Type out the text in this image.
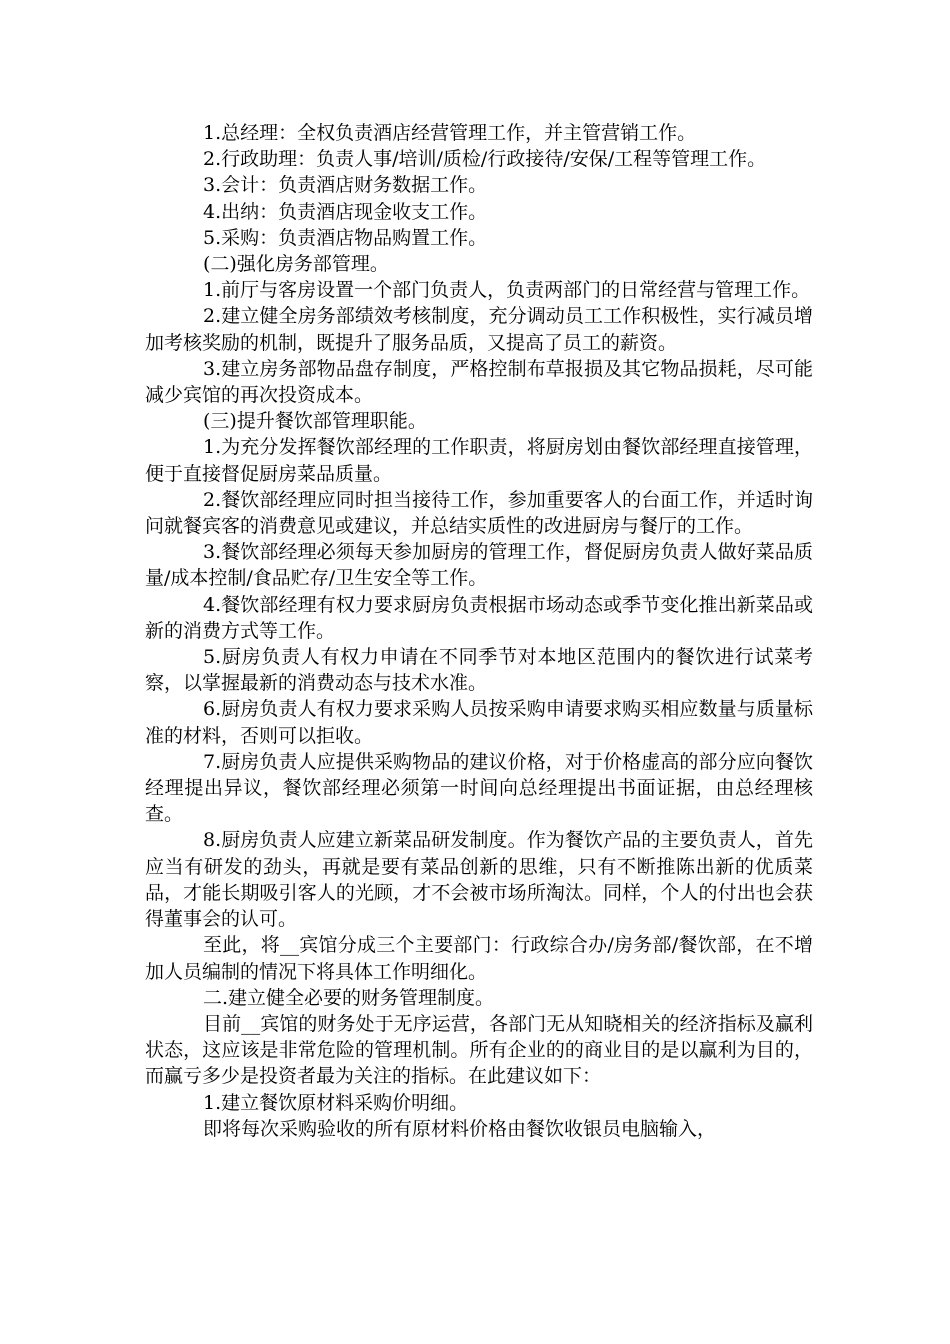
1.总经理：全权负责酒店经营管理工作，并主管营销工作。

2.行政助理：负责人事/培训/质检/行政接待/安保/工程等管理工作。

3.会计：负责酒店财务数据工作。

4.出纳：负责酒店现金收支工作。

5.采购：负责酒店物品购置工作。

(二)强化房务部管理。

1.前厅与客房设置一个部门负责人，负责两部门的日常经营与管理工作。

2.建立健全房务部绩效考核制度，充分调动员工工作积极性，实行减员增加考核奖励的机制，既提升了服务品质，又提高了员工的薪资。

3.建立房务部物品盘存制度，严格控制布草报损及其它物品损耗，尽可能减少宾馆的再次投资成本。

(三)提升餐饮部管理职能。

1.为充分发挥餐饮部经理的工作职责，将厨房划由餐饮部经理直接管理，便于直接督促厨房菜品质量。

2.餐饮部经理应同时担当接待工作，参加重要客人的台面工作，并适时询问就餐宾客的消费意见或建议，并总结实质性的改进厨房与餐厅的工作。

3.餐饮部经理必须每天参加厨房的管理工作，督促厨房负责人做好菜品质量/成本控制/食品贮存/卫生安全等工作。

4.餐饮部经理有权力要求厨房负责根据市场动态或季节变化推出新菜品或新的消费方式等工作。

5.厨房负责人有权力申请在不同季节对本地区范围内的餐饮进行试菜考察，以掌握最新的消费动态与技术水准。

6.厨房负责人有权力要求采购人员按采购申请要求购买相应数量与质量标准的材料，否则可以拒收。

7.厨房负责人应提供采购物品的建议价格，对于价格虚高的部分应向餐饮经理提出异议，餐饮部经理必须第一时间向总经理提出书面证据，由总经理核查。

8.厨房负责人应建立新菜品研发制度。作为餐饮产品的主要负责人，首先应当有研发的劲头，再就是要有菜品创新的思维，只有不断推陈出新的优质菜品，才能长期吸引客人的光顾，才不会被市场所淘汰。同样，个人的付出也会获得董事会的认可。

至此，将__宾馆分成三个主要部门：行政综合办/房务部/餐饮部，在不增加人员编制的情况下将具体工作明细化。

二.建立健全必要的财务管理制度。

目前__宾馆的财务处于无序运营，各部门无从知晓相关的经济指标及赢利状态，这应该是非常危险的管理机制。所有企业的的商业目的是以赢利为目的，而赢亏多少是投资者最为关注的指标。在此建议如下：

1.建立餐饮原材料采购价明细。

即将每次采购验收的所有原材料价格由餐饮收银员电脑输入，
